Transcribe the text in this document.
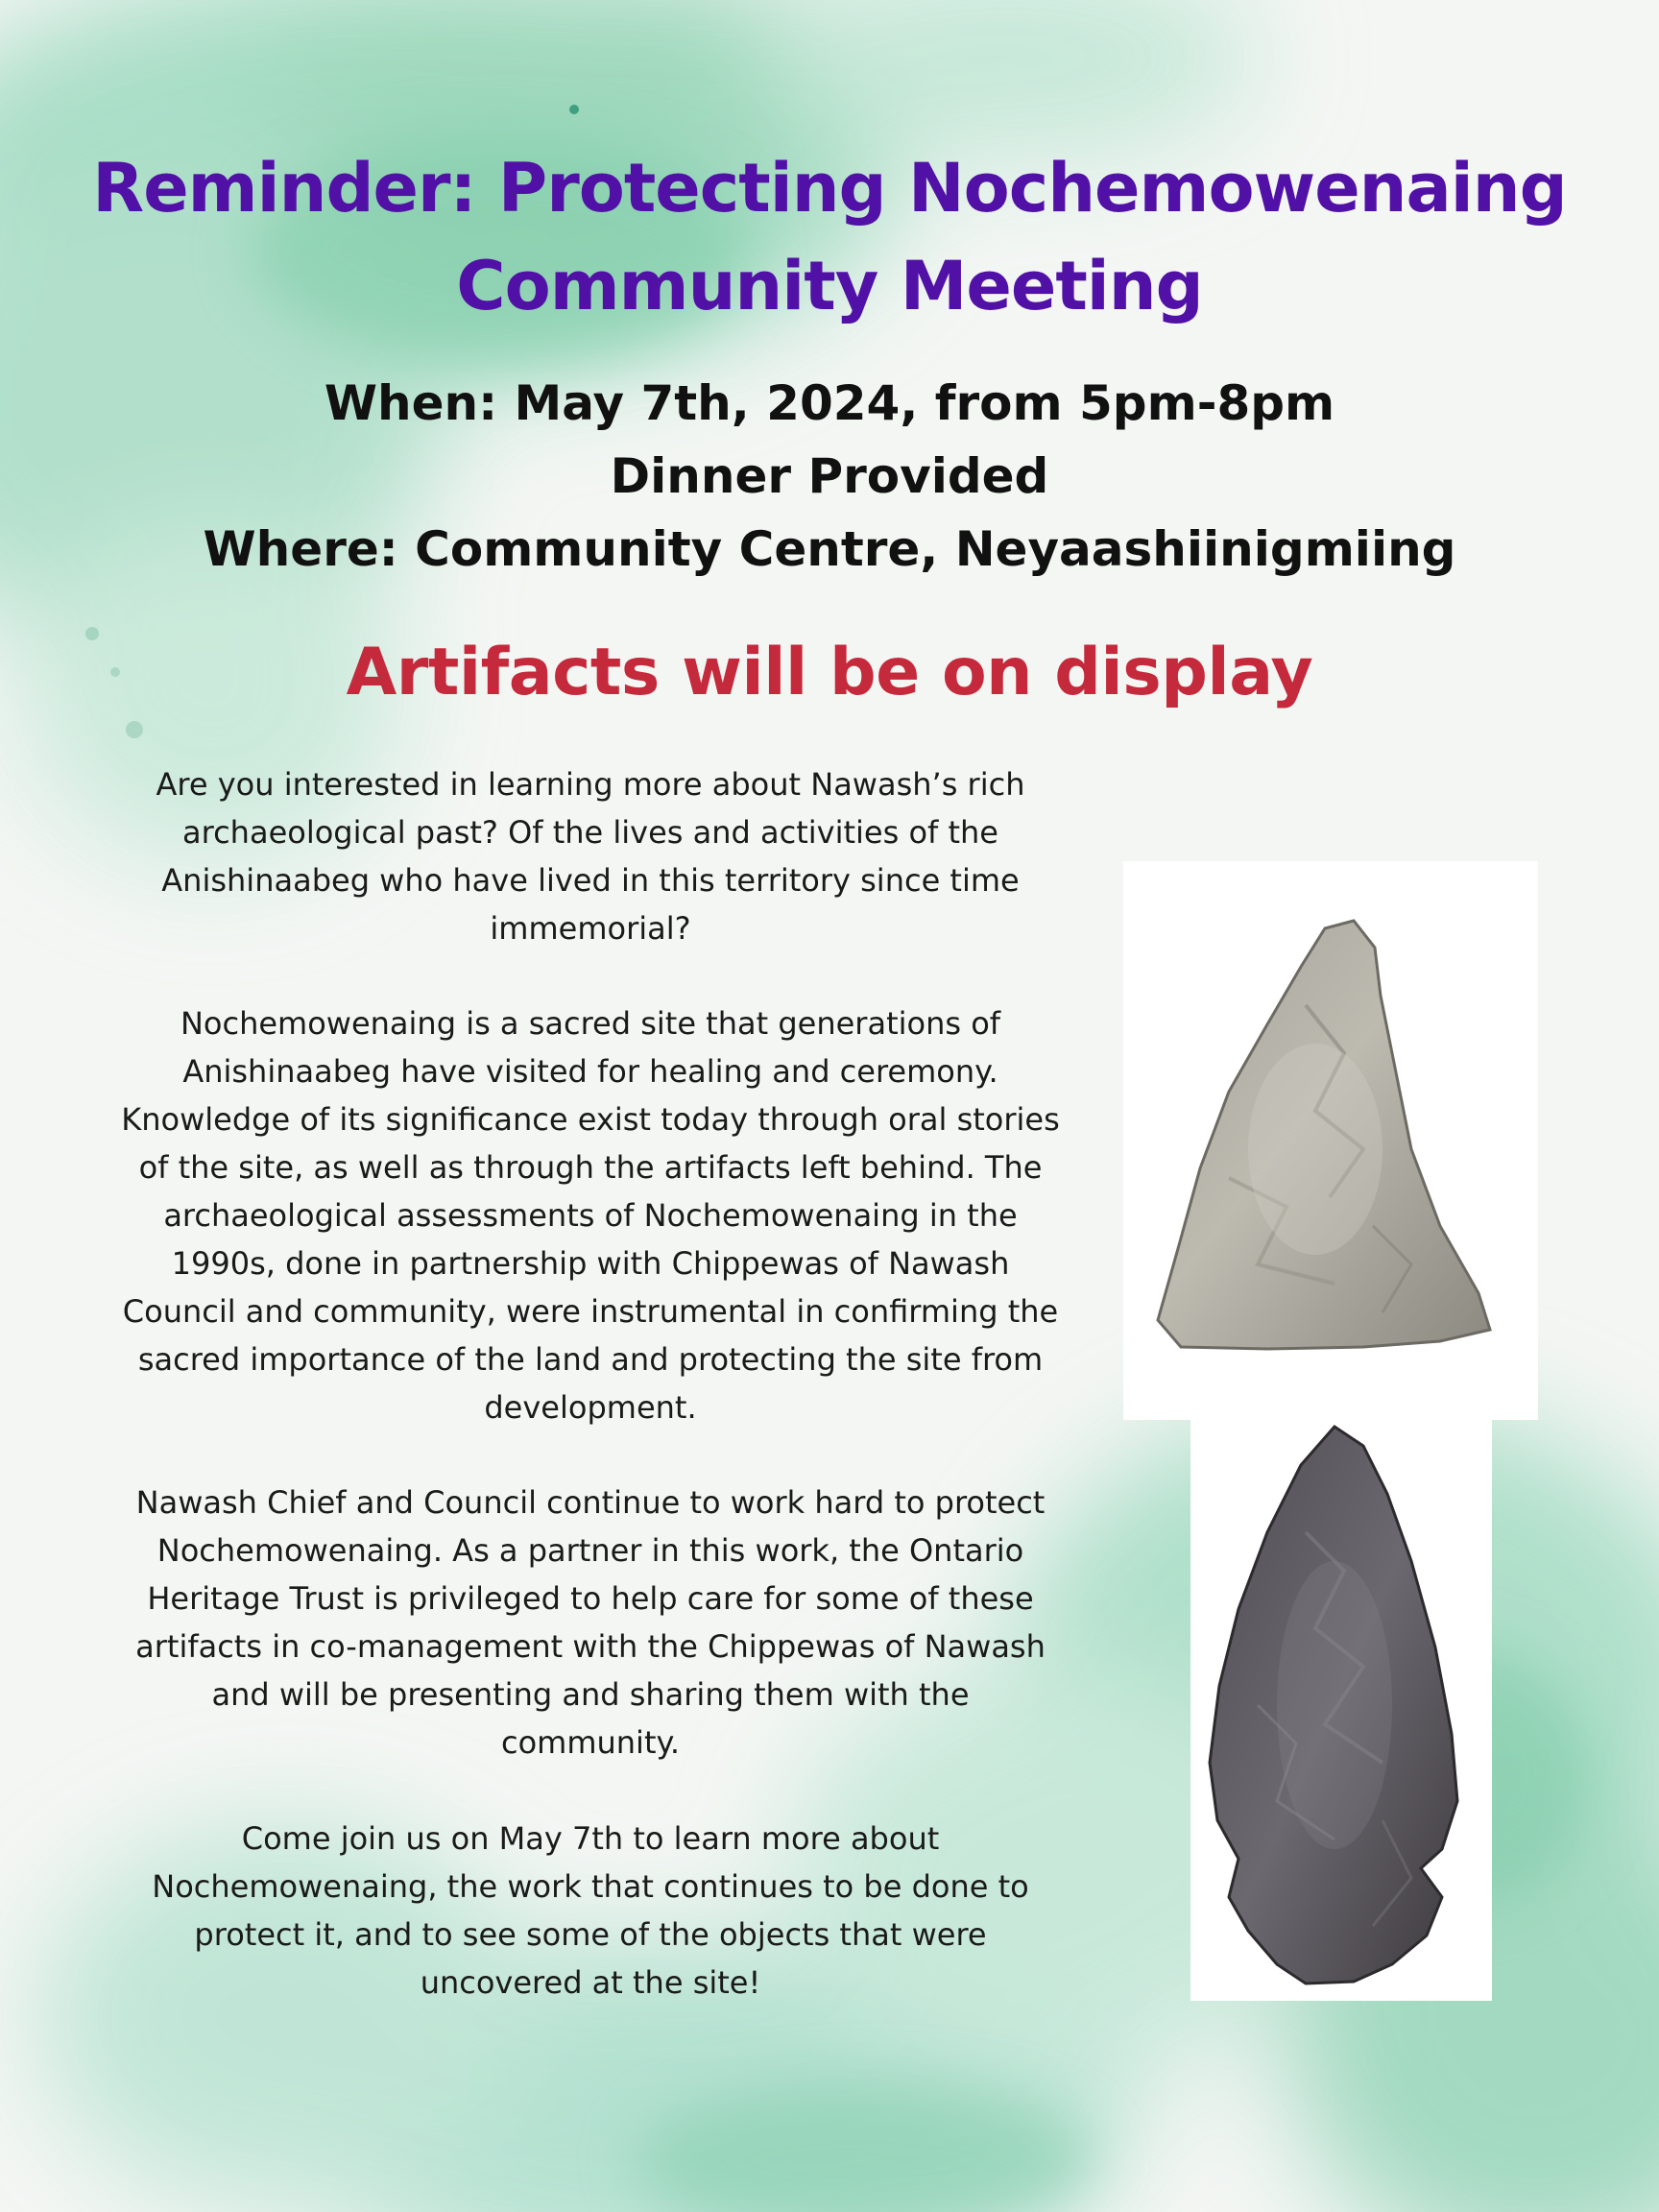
Reminder: Protecting Nochemowenaing
Community Meeting

When: May 7th, 2024, from 5pm-8pm

Dinner Provided

Where: Community Centre, Neyaashiinigmiing

Artifacts will be on display

Are you interested in learning more about Nawash’s rich archaeological past? Of the lives and activities of the Anishinaabeg who have lived in this territory since time immemorial?

Nochemowenaing is a sacred site that generations of Anishinaabeg have visited for healing and ceremony. Knowledge of its significance exist today through oral stories of the site, as well as through the artifacts left behind. The archaeological assessments of Nochemowenaing in the 1990s, done in partnership with Chippewas of Nawash Council and community, were instrumental in confirming the sacred importance of the land and protecting the site from development.

Nawash Chief and Council continue to work hard to protect Nochemowenaing. As a partner in this work, the Ontario Heritage Trust is privileged to help care for some of these artifacts in co-management with the Chippewas of Nawash and will be presenting and sharing them with the community.

Come join us on May 7th to learn more about Nochemowenaing, the work that continues to be done to protect it, and to see some of the objects that were uncovered at the site!
